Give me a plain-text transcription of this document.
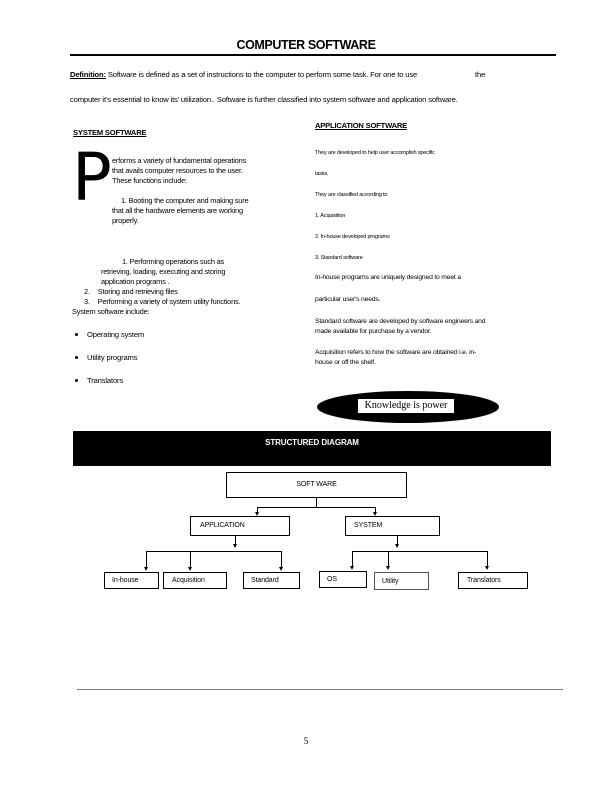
COMPUTER SOFTWARE
Definition: Software is defined as a set of instructions to the computer to perform some task. For one to use	the
computer it’s essential to know its’ utilization.. Software is further classified into system software and application software.
SYSTEM SOFTWARE
P erforms a variety of fundamental operations
that avails computer resources to the user.
These functions include:
1. Booting the computer and making sure
that all the hardware elements are working
properly.
1. Performing operations such as
retrieving, loading, executing and storing
application programs .
2. Storing and retrieving files
3. Performing a variety of system utility functions.
System software include:
Operating system
Utility programs
Translators
APPLICATION SOFTWARE
They are developed to help user accomplish specific
tasks.
They are classified according to
1. Acquisition
2. In-house developed programs
3. Standard software
In-house programs are uniquely designed to meet a
particular user's needs.
Standard software are developed by software engineers and
made available for purchase by a vendor.
Acquisition refers to how the software are obtained i.e. in-
house or off the shelf.
Knowledge is power
STRUCTURED DIAGRAM
SOFT WARE
APPLICATION	SYSTEM
In-house	Acquisition	Standard	OS	Utility	Translators
5
